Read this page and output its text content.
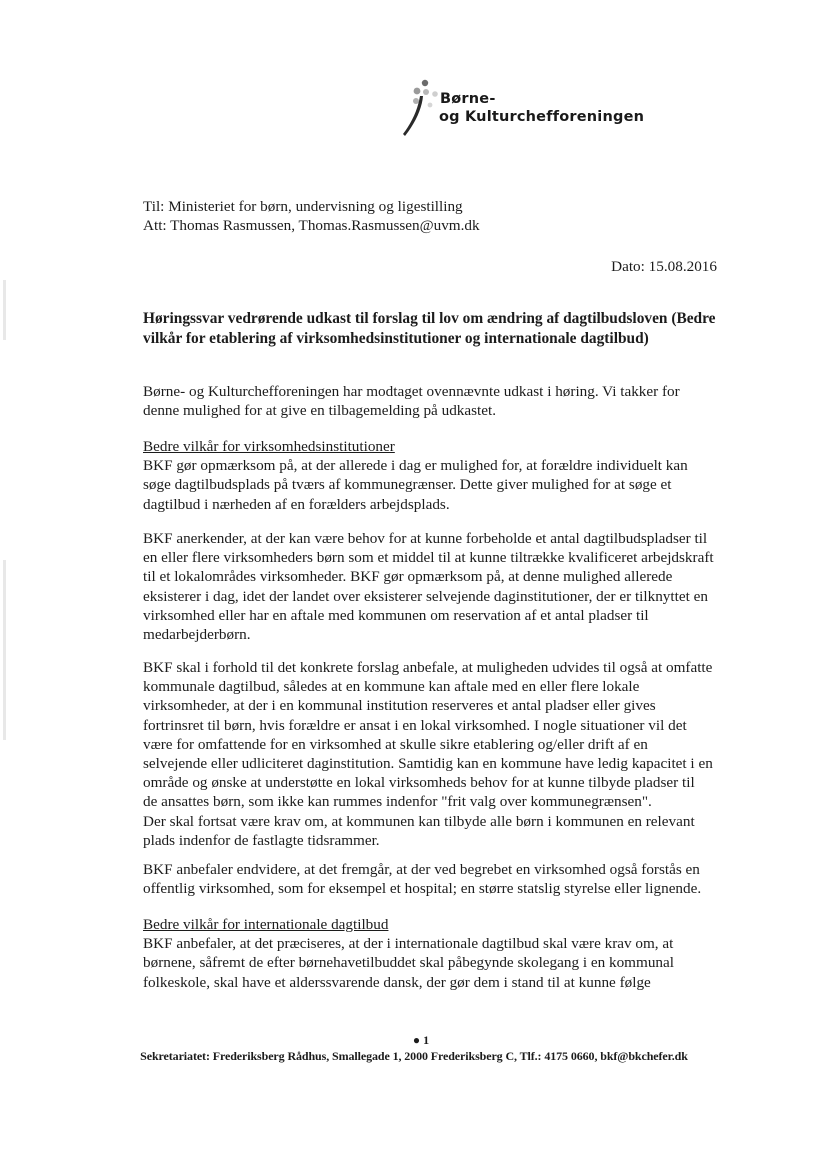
Børne-
og Kulturchefforeningen
Til: Ministeriet for børn, undervisning og ligestilling
Att: Thomas Rasmussen, Thomas.Rasmussen@uvm.dk
Dato: 15.08.2016
Høringssvar vedrørende udkast til forslag til lov om ændring af dagtilbudsloven (Bedre
vilkår for etablering af virksomhedsinstitutioner og internationale dagtilbud)
Børne- og Kulturchefforeningen har modtaget ovennævnte udkast i høring. Vi takker for
denne mulighed for at give en tilbagemelding på udkastet.
Bedre vilkår for virksomhedsinstitutioner
BKF gør opmærksom på, at der allerede i dag er mulighed for, at forældre individuelt kan
søge dagtilbudsplads på tværs af kommunegrænser. Dette giver mulighed for at søge et
dagtilbud i nærheden af en forælders arbejdsplads.
BKF anerkender, at der kan være behov for at kunne forbeholde et antal dagtilbudspladser til
en eller flere virksomheders børn som et middel til at kunne tiltrække kvalificeret arbejdskraft
til et lokalområdes virksomheder. BKF gør opmærksom på, at denne mulighed allerede
eksisterer i dag, idet der landet over eksisterer selvejende daginstitutioner, der er tilknyttet en
virksomhed eller har en aftale med kommunen om reservation af et antal pladser til
medarbejderbørn.
BKF skal i forhold til det konkrete forslag anbefale, at muligheden udvides til også at omfatte
kommunale dagtilbud, således at en kommune kan aftale med en eller flere lokale
virksomheder, at der i en kommunal institution reserveres et antal pladser eller gives
fortrinsret til børn, hvis forældre er ansat i en lokal virksomhed. I nogle situationer vil det
være for omfattende for en virksomhed at skulle sikre etablering og/eller drift af en
selvejende eller udliciteret daginstitution. Samtidig kan en kommune have ledig kapacitet i en
område og ønske at understøtte en lokal virksomheds behov for at kunne tilbyde pladser til
de ansattes børn, som ikke kan rummes indenfor "frit valg over kommunegrænsen".
Der skal fortsat være krav om, at kommunen kan tilbyde alle børn i kommunen en relevant
plads indenfor de fastlagte tidsrammer.
BKF anbefaler endvidere, at det fremgår, at der ved begrebet en virksomhed også forstås en
offentlig virksomhed, som for eksempel et hospital; en større statslig styrelse eller lignende.
Bedre vilkår for internationale dagtilbud
BKF anbefaler, at det præciseres, at der i internationale dagtilbud skal være krav om, at
børnene, såfremt de efter børnehavetilbuddet skal påbegynde skolegang i en kommunal
folkeskole, skal have et alderssvarende dansk, der gør dem i stand til at kunne følge
● 1
Sekretariatet: Frederiksberg Rådhus, Smallegade 1, 2000 Frederiksberg C, Tlf.: 4175 0660, bkf@bkchefer.dk
